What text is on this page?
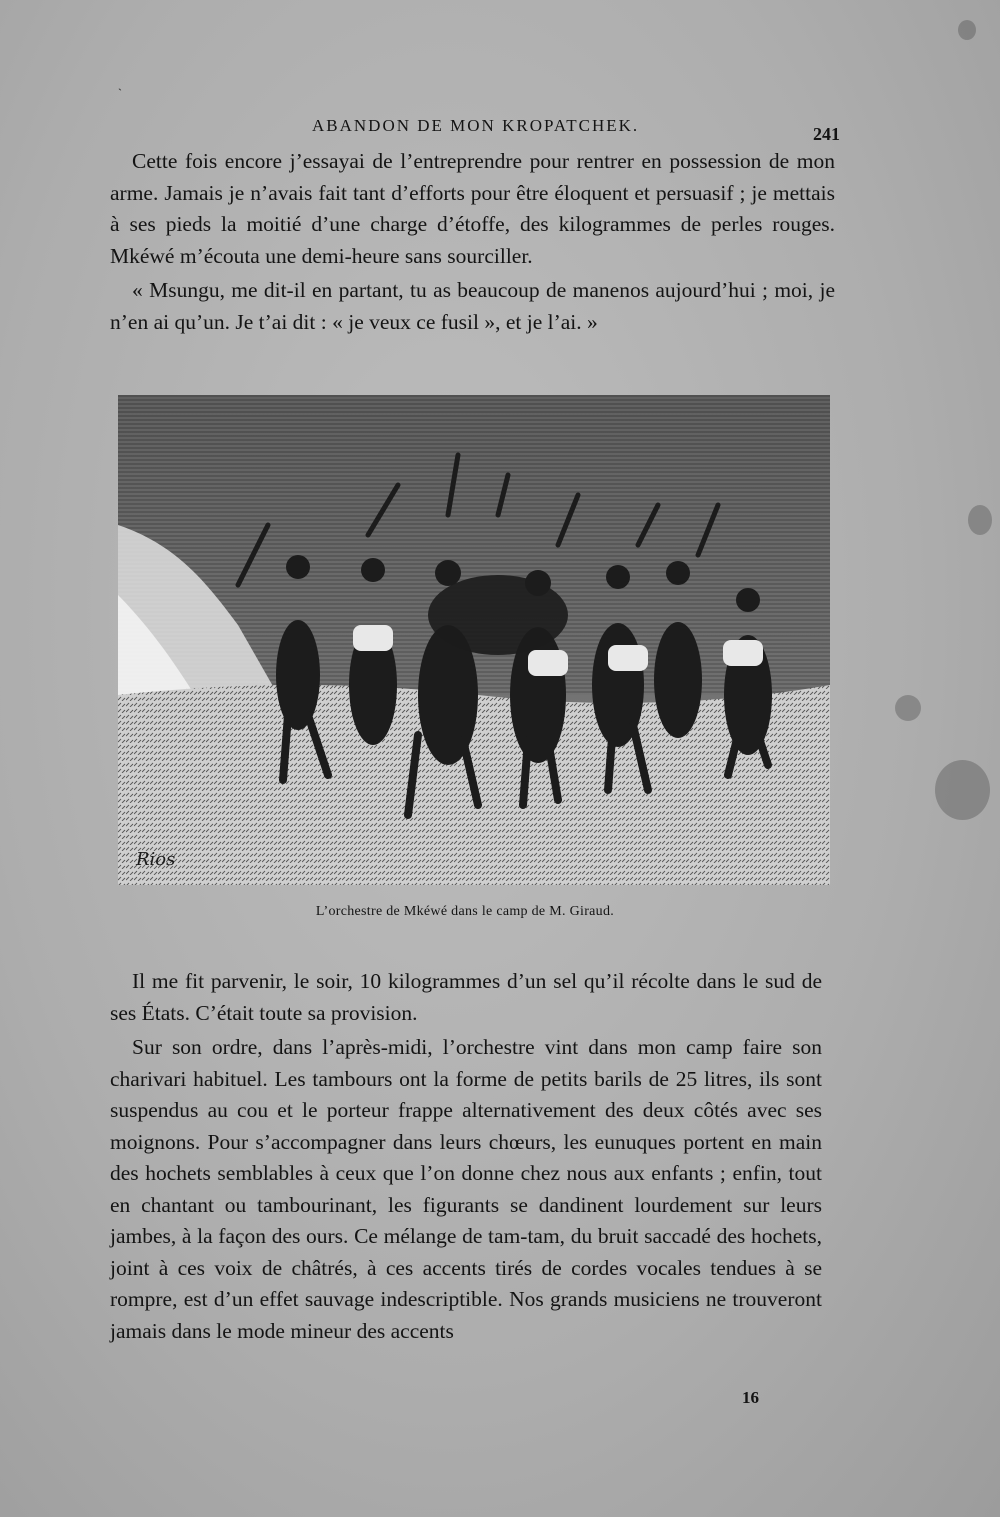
`
ABANDON DE MON KROPATCHEK.	241

Cette fois encore j’essayai de l’entreprendre pour rentrer en possession de mon arme. Jamais je n’avais fait tant d’efforts pour être éloquent et persuasif ; je mettais à ses pieds la moitié d’une charge d’étoffe, des kilogrammes de perles rouges. Mkéwé m’écouta une demi-heure sans sourciller.

« Msungu, me dit-il en partant, tu as beaucoup de manenos aujourd’hui ; moi, je n’en ai qu’un. Je t’ai dit : « je veux ce fusil », et je l’ai. »

Rios
L’orchestre de Mkéwé dans le camp de M. Giraud.

Il me fit parvenir, le soir, 10 kilogrammes d’un sel qu’il récolte dans le sud de ses États. C’était toute sa provision.

Sur son ordre, dans l’après-midi, l’orchestre vint dans mon camp faire son charivari habituel. Les tambours ont la forme de petits barils de 25 litres, ils sont suspendus au cou et le porteur frappe alternativement des deux côtés avec ses moignons. Pour s’accompagner dans leurs chœurs, les eunuques portent en main des hochets semblables à ceux que l’on donne chez nous aux enfants ; enfin, tout en chantant ou tambourinant, les figurants se dandinent lourdement sur leurs jambes, à la façon des ours. Ce mélange de tam-tam, du bruit saccadé des hochets, joint à ces voix de châtrés, à ces accents tirés de cordes vocales tendues à se rompre, est d’un effet sauvage indescriptible. Nos grands musiciens ne trouveront jamais dans le mode mineur des accents

16
